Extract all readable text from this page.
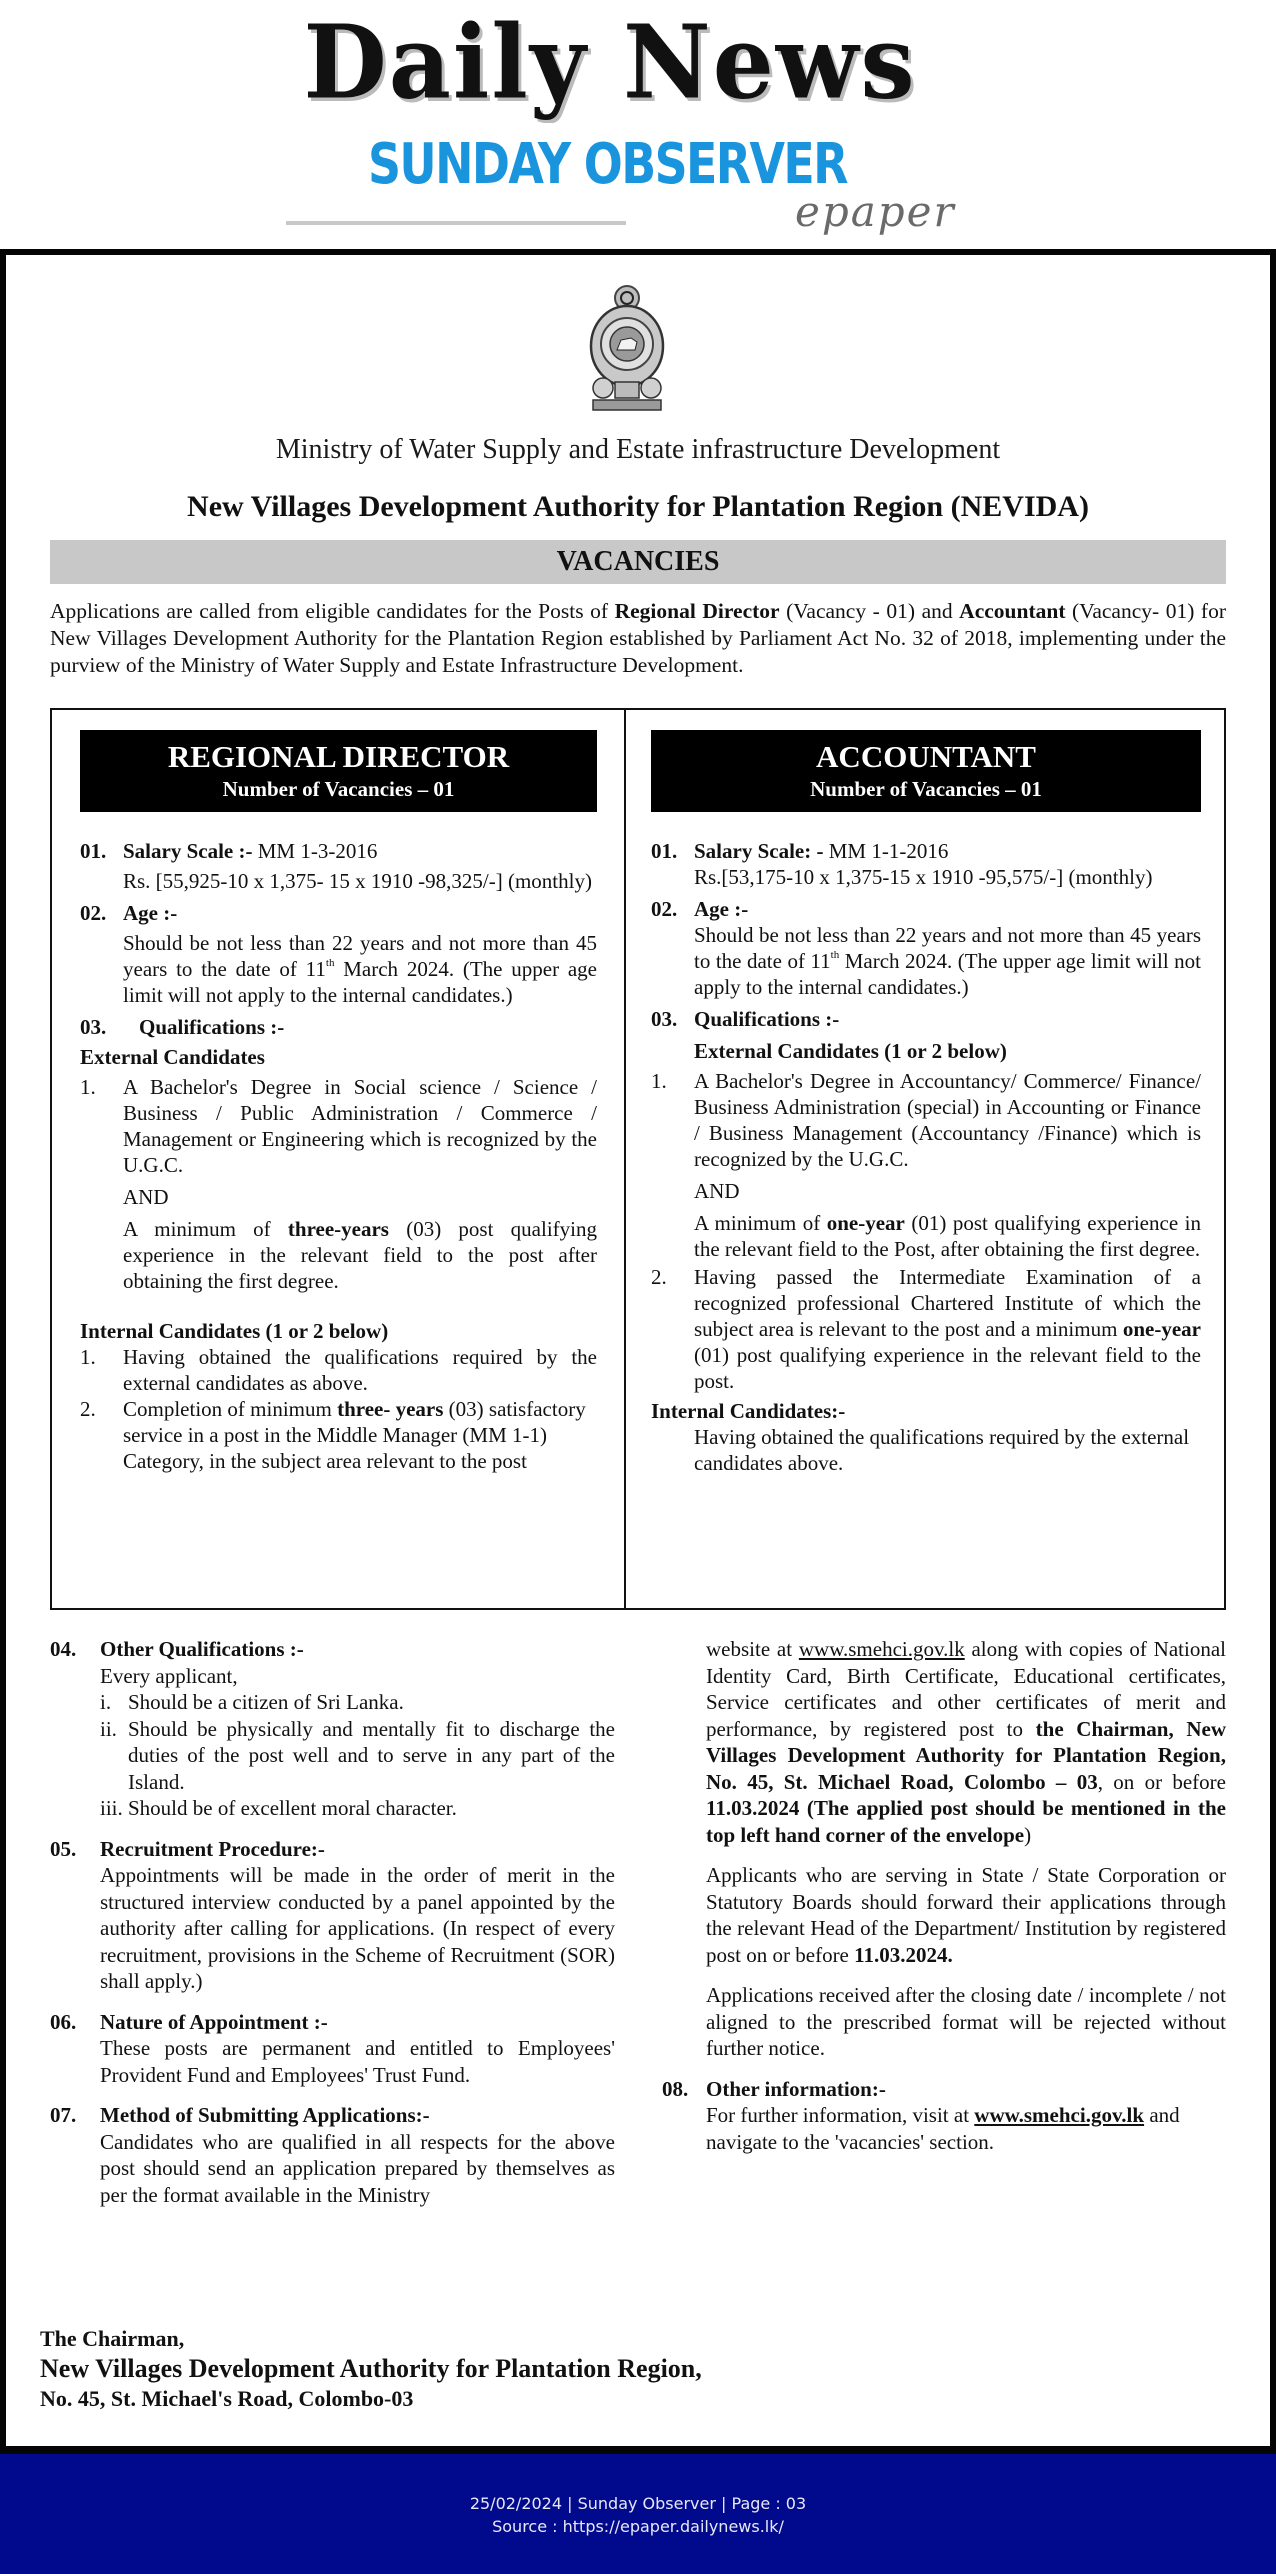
Daily News
SUNDAY OBSERVER
epaper
Ministry of Water Supply and Estate infrastructure Development
New Villages Development Authority for Plantation Region (NEVIDA)
VACANCIES
Applications are called from eligible candidates for the Posts of Regional Director (Vacancy - 01) and Accountant (Vacancy- 01) for New Villages Development Authority for the Plantation Region established by Parliament Act No. 32 of 2018, implementing under the purview of the Ministry of Water Supply and Estate Infrastructure Development.
REGIONAL DIRECTOR
Number of Vacancies – 01
01. Salary Scale :- MM 1-3-2016
Rs. [55,925-10 x 1,375- 15 x 1910 -98,325/-] (monthly)
02. Age :-
Should be not less than 22 years and not more than 45 years to the date of 11th March 2024. (The upper age limit will not apply to the internal candidates.)
03.	Qualifications :-
External Candidates
1.	A Bachelor's Degree in Social science / Science / Business / Public Administration / Commerce / Management or Engineering which is recognized by the U.G.C.
AND
A minimum of three-years (03) post qualifying experience in the relevant field to the post after obtaining the first degree.
Internal Candidates (1 or 2 below)
1.	Having obtained the qualifications required by the external candidates as above.
2.	Completion of minimum three- years (03) satisfactory service in a post in the Middle Manager (MM 1-1) Category, in the subject area relevant to the post
ACCOUNTANT
Number of Vacancies – 01
01. Salary Scale: - MM 1-1-2016
Rs.[53,175-10 x 1,375-15 x 1910 -95,575/-] (monthly)
02. Age :-
Should be not less than 22 years and not more than 45 years to the date of 11th March 2024. (The upper age limit will not apply to the internal candidates.)
03. Qualifications :-
External Candidates (1 or 2 below)
1.	A Bachelor's Degree in Accountancy/ Commerce/ Finance/ Business Administration (special) in Accounting or Finance / Business Management (Accountancy /Finance) which is recognized by the U.G.C.
AND
A minimum of one-year (01) post qualifying experience in the relevant field to the Post, after obtaining the first degree.
2.	Having passed the Intermediate Examination of a recognized professional Chartered Institute of which the subject area is relevant to the post and a minimum one-year (01) post qualifying experience in the relevant field to the post.
Internal Candidates:-
Having obtained the qualifications required by the external candidates above.
04.	Other Qualifications :-
Every applicant,
i. Should be a citizen of Sri Lanka.
ii. Should be physically and mentally fit to discharge the duties of the post well and to serve in any part of the Island.
iii. Should be of excellent moral character.
05.	Recruitment Procedure:-
Appointments will be made in the order of merit in the structured interview conducted by a panel appointed by the authority after calling for applications. (In respect of every recruitment, provisions in the Scheme of Recruitment (SOR) shall apply.)
06.	Nature of Appointment :-
These posts are permanent and entitled to Employees' Provident Fund and Employees' Trust Fund.
07.	Method of Submitting Applications:-
Candidates who are qualified in all respects for the above post should send an application prepared by themselves as per the format available in the Ministry
website at www.smehci.gov.lk along with copies of National Identity Card, Birth Certificate, Educational certificates, Service certificates and other certificates of merit and performance, by registered post to the Chairman, New Villages Development Authority for Plantation Region, No. 45, St. Michael Road, Colombo – 03, on or before 11.03.2024 (The applied post should be mentioned in the top left hand corner of the envelope)
Applicants who are serving in State / State Corporation or Statutory Boards should forward their applications through the relevant Head of the Department/ Institution by registered post on or before 11.03.2024.
Applications received after the closing date / incomplete / not aligned to the prescribed format will be rejected without further notice.
08. Other information:-
For further information, visit at www.smehci.gov.lk and navigate to the 'vacancies' section.
The Chairman,
New Villages Development Authority for Plantation Region,
No. 45, St. Michael's Road, Colombo-03
25/02/2024 | Sunday Observer | Page : 03
Source : https://epaper.dailynews.lk/
